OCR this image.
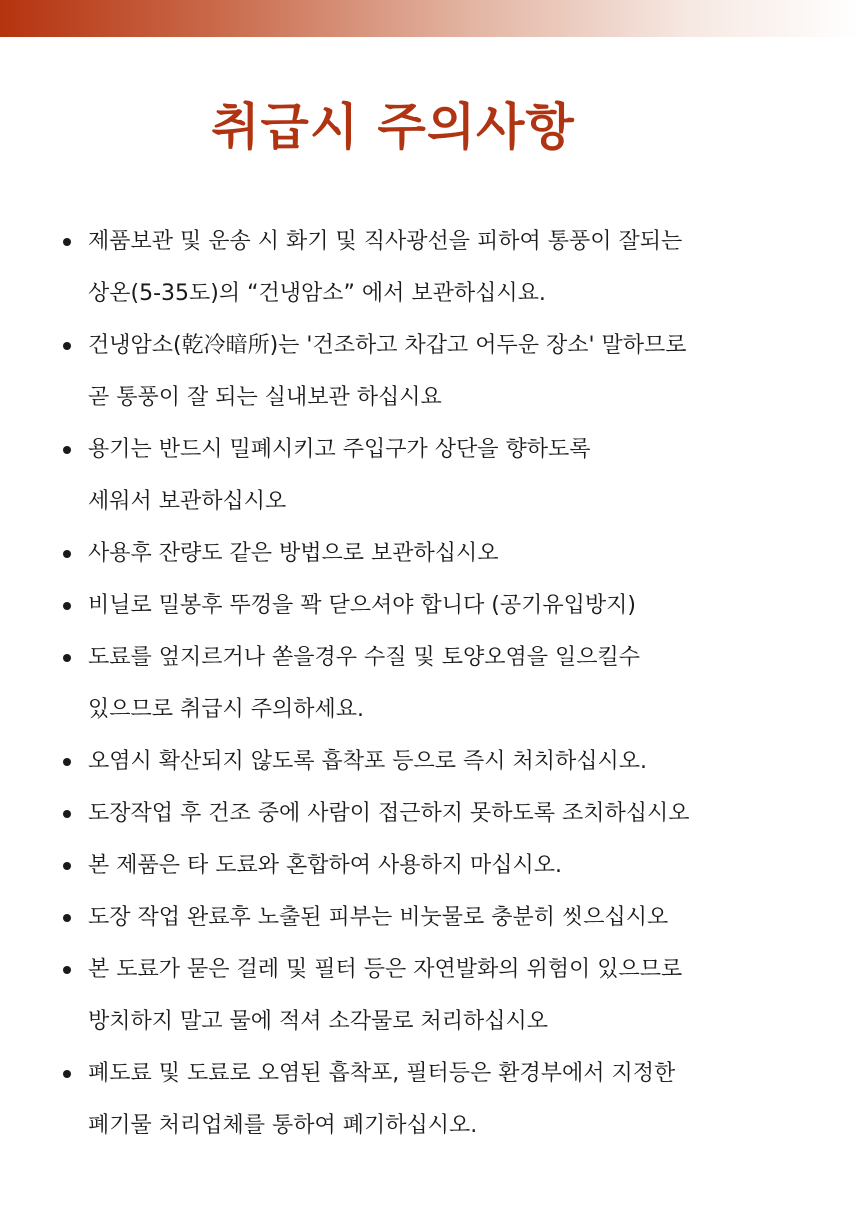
취급시 주의사항
제품보관 및 운송 시 화기 및 직사광선을 피하여 통풍이 잘되는
상온(5-35도)의 “건냉암소” 에서 보관하십시요.
건냉암소(乾冷暗所)는 '건조하고 차갑고 어두운 장소' 말하므로
곧 통풍이 잘 되는 실내보관 하십시요
용기는 반드시 밀폐시키고 주입구가 상단을 향하도록
세워서 보관하십시오
사용후 잔량도 같은 방법으로 보관하십시오
비닐로 밀봉후 뚜껑을 꽉 닫으셔야 합니다 (공기유입방지)
도료를 엎지르거나 쏟을경우 수질 및 토양오염을 일으킬수
있으므로 취급시 주의하세요.
오염시 확산되지 않도록 흡착포 등으로 즉시 처치하십시오.
도장작업 후 건조 중에 사람이 접근하지 못하도록 조치하십시오
본 제품은 타 도료와 혼합하여 사용하지 마십시오.
도장 작업 완료후 노출된 피부는 비눗물로 충분히 씻으십시오
본 도료가 묻은 걸레 및 필터 등은 자연발화의 위험이 있으므로
방치하지 말고 물에 적셔 소각물로 처리하십시오
폐도료 및 도료로 오염된 흡착포, 필터등은 환경부에서 지정한
폐기물 처리업체를 통하여 폐기하십시오.
